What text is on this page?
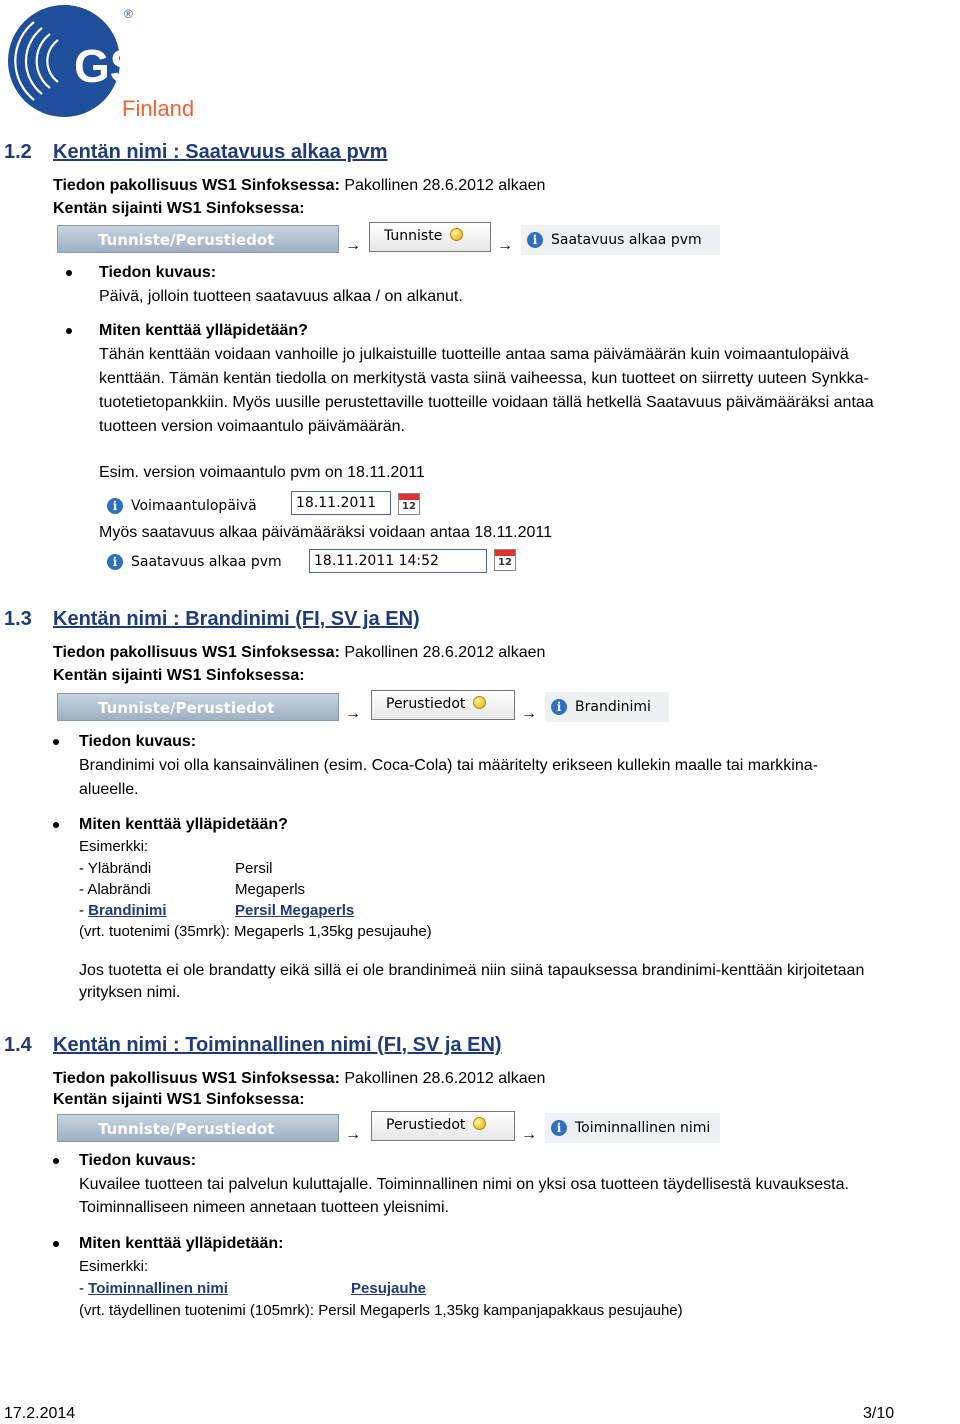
GS1
®
Finland
1.2 Kentän nimi : Saatavuus alkaa pvm
Tiedon pakollisuus WS1 Sinfoksessa: Pakollinen 28.6.2012 alkaen
Kentän sijainti WS1 Sinfoksessa:
Tunniste/Perustiedot	→
Tunniste
→	i Saatavuus alkaa pvm
Tiedon kuvaus:
Päivä, jolloin tuotteen saatavuus alkaa / on alkanut.
Miten kenttää ylläpidetään?
Tähän kenttään voidaan vanhoille jo julkaistuille tuotteille antaa sama päivämäärän kuin voimaantulopäivä
kenttään. Tämän kentän tiedolla on merkitystä vasta siinä vaiheessa, kun tuotteet on siirretty uuteen Synkka-
tuotetietopankkiin. Myös uusille perustettaville tuotteille voidaan tällä hetkellä Saatavuus päivämääräksi antaa
tuotteen version voimaantulo päivämäärän.
Esim. version voimaantulo pvm on 18.11.2011
i Voimaantulopäivä	18.11.2011	12
Myös saatavuus alkaa päivämääräksi voidaan antaa 18.11.2011
i Saatavuus alkaa pvm	18.11.2011 14:52	12
1.3 Kentän nimi : Brandinimi (FI, SV ja EN)
Tiedon pakollisuus WS1 Sinfoksessa: Pakollinen 28.6.2012 alkaen
Kentän sijainti WS1 Sinfoksessa:
Tunniste/Perustiedot	→
Perustiedot
→	i Brandinimi
Tiedon kuvaus:
Brandinimi voi olla kansainvälinen (esim. Coca-Cola) tai määritelty erikseen kullekin maalle tai markkina-
alueelle.
Miten kenttää ylläpidetään?
Esimerkki:
- Yläbrändi	Persil
- Alabrändi	Megaperls
- Brandinimi	Persil Megaperls
(vrt. tuotenimi (35mrk): Megaperls 1,35kg pesujauhe)
Jos tuotetta ei ole brandatty eikä sillä ei ole brandinimeä niin siinä tapauksessa brandinimi-kenttään kirjoitetaan
yrityksen nimi.
1.4 Kentän nimi : Toiminnallinen nimi (FI, SV ja EN)
Tiedon pakollisuus WS1 Sinfoksessa: Pakollinen 28.6.2012 alkaen
Kentän sijainti WS1 Sinfoksessa:
Tunniste/Perustiedot	→
Perustiedot
→	i Toiminnallinen nimi
Tiedon kuvaus:
Kuvailee tuotteen tai palvelun kuluttajalle. Toiminnallinen nimi on yksi osa tuotteen täydellisestä kuvauksesta.
Toiminnalliseen nimeen annetaan tuotteen yleisnimi.
Miten kenttää ylläpidetään:
Esimerkki:
- Toiminnallinen nimi	Pesujauhe
(vrt. täydellinen tuotenimi (105mrk): Persil Megaperls 1,35kg kampanjapakkaus pesujauhe)
17.2.2014	3/10
